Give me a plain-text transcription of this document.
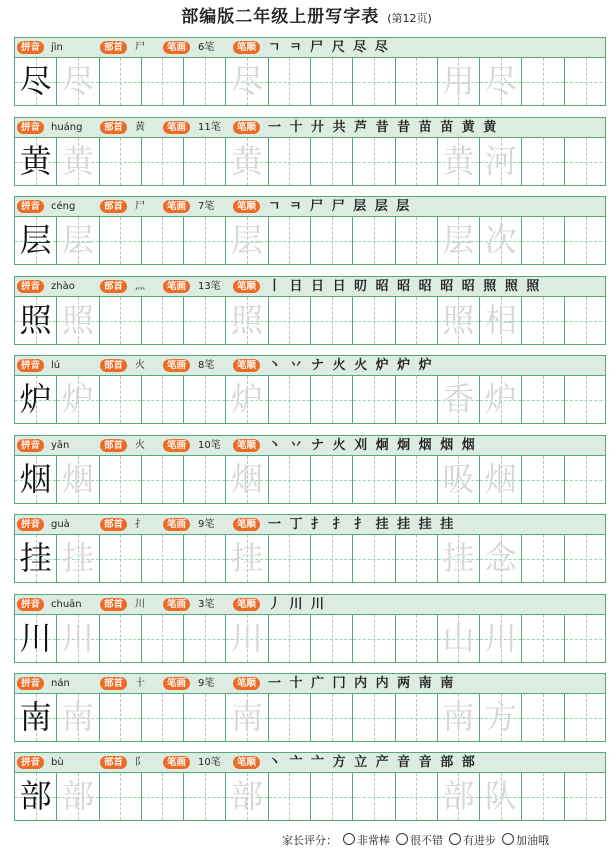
部编版二年级上册写字表 (第12页)
拼音	jìn	部首	尸	笔画	6笔	笔顺 ㄱ ㅋ 尸 尺 尽 尽
尽 尽	尽	用 尽
拼音	huáng	部首	黄	笔画	11笔	笔顺 一 十 廾 共 芦 昔 昔 苗 苗 黄 黄
黄 黄	黄	黄 河
拼音	céng	部首	尸	笔画	7笔	笔顺 ㄱ ㅋ 尸 尸 层 层 层
层 层	层	层 次
拼音	zhào	部首	灬	笔画	13笔	笔顺 丨 日 日 日 旫 昭 昭 昭 昭 昭 照 照 照
照 照	照	照 相
拼音	lú	部首	火	笔画	8笔	笔顺 丶 丷 ナ 火 火 炉 炉 炉
炉 炉	炉	香 炉
拼音	yān	部首	火	笔画	10笔	笔顺 丶 丷 ナ 火 刈 炯 炯 烟 烟 烟
烟 烟	烟	吸 烟
拼音	guà	部首	扌	笔画	9笔	笔顺 一 丁 扌 扌 扌 挂 挂 挂 挂
挂 挂	挂	挂 念
拼音	chuān	部首	川	笔画	3笔	笔顺 丿 川 川
川 川	川	山 川
拼音	nán	部首	十	笔画	9笔	笔顺 一 十 广 冂 内 内 两 南 南
南 南	南	南 方
拼音	bù	部首	阝	笔画	10笔	笔顺 丶 亠 亠 方 立 产 音 音 部 部
部 部	部	部 队
家长评分： 非常棒 很不错 有进步 加油哦
